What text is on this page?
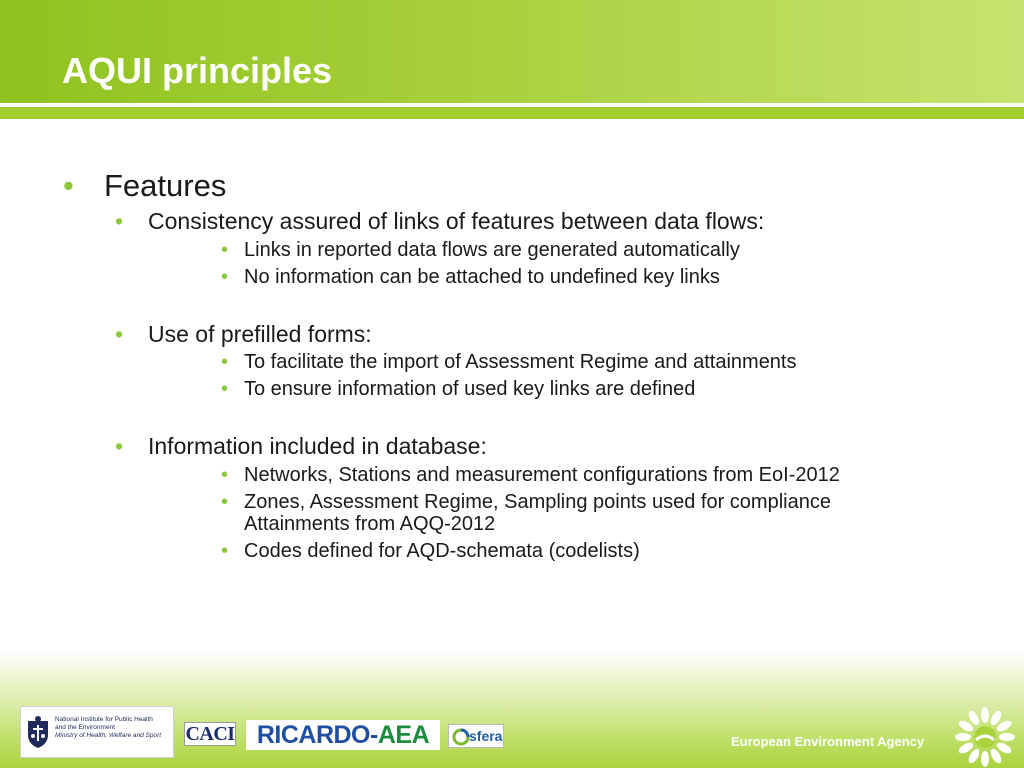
AQUI principles
• Features
• Consistency assured of links of features between data flows:
• Links in reported data flows are generated automatically
• No information can be attached to undefined key links
• Use of prefilled forms:
• To facilitate the import of Assessment Regime and attainments
• To ensure information of used key links are defined
• Information included in database:
• Networks, Stations and measurement configurations from EoI-2012
• Zones, Assessment Regime, Sampling points used for compliance Attainments from AQQ-2012
• Codes defined for AQD-schemata (codelists)
National Institute for Public Health
and the Environment
Ministry of Health, Welfare and Sport CACI RICARDO-AEA	sfera	European Environment Agency
